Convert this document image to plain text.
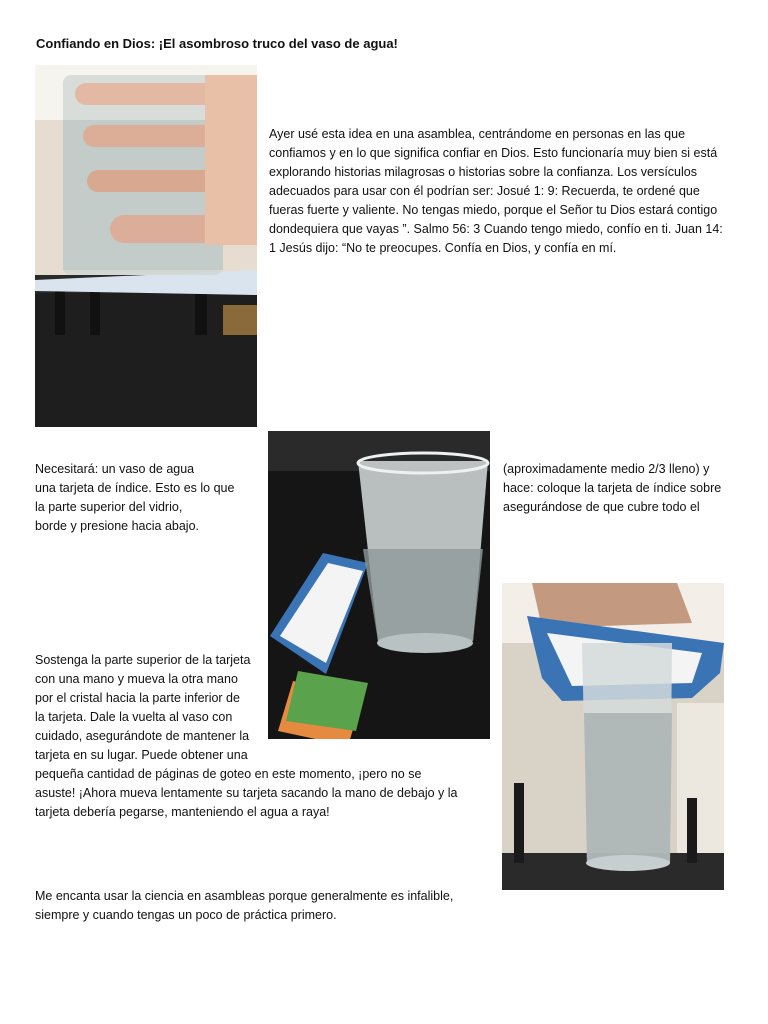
Confiando en Dios: ¡El asombroso truco del vaso de agua!
Ayer usé esta idea en una asamblea, centrándome en personas en las que
confiamos y en lo que significa confiar en Dios. Esto funcionaría muy bien si está
explorando historias milagrosas o historias sobre la confianza. Los versículos
adecuados para usar con él podrían ser: Josué 1: 9: Recuerda, te ordené que
fueras fuerte y valiente. No tengas miedo, porque el Señor tu Dios estará contigo
dondequiera que vayas ”. Salmo 56: 3 Cuando tengo miedo, confío en ti. Juan 14:
1 Jesús dijo: “No te preocupes. Confía en Dios, y confía en mí.
Necesitará: un vaso de agua
una tarjeta de índice. Esto es lo que
la parte superior del vidrio,
borde y presione hacia abajo.
(aproximadamente medio 2/3 lleno) y
hace: coloque la tarjeta de índice sobre
asegurándose de que cubre todo el
Sostenga la parte superior de la tarjeta
con una mano y mueva la otra mano
por el cristal hacia la parte inferior de
la tarjeta. Dale la vuelta al vaso con
cuidado, asegurándote de mantener la
tarjeta en su lugar. Puede obtener una
pequeña cantidad de páginas de goteo en este momento, ¡pero no se
asuste! ¡Ahora mueva lentamente su tarjeta sacando la mano de debajo y la
tarjeta debería pegarse, manteniendo el agua a raya!
Me encanta usar la ciencia en asambleas porque generalmente es infalible,
siempre y cuando tengas un poco de práctica primero.
